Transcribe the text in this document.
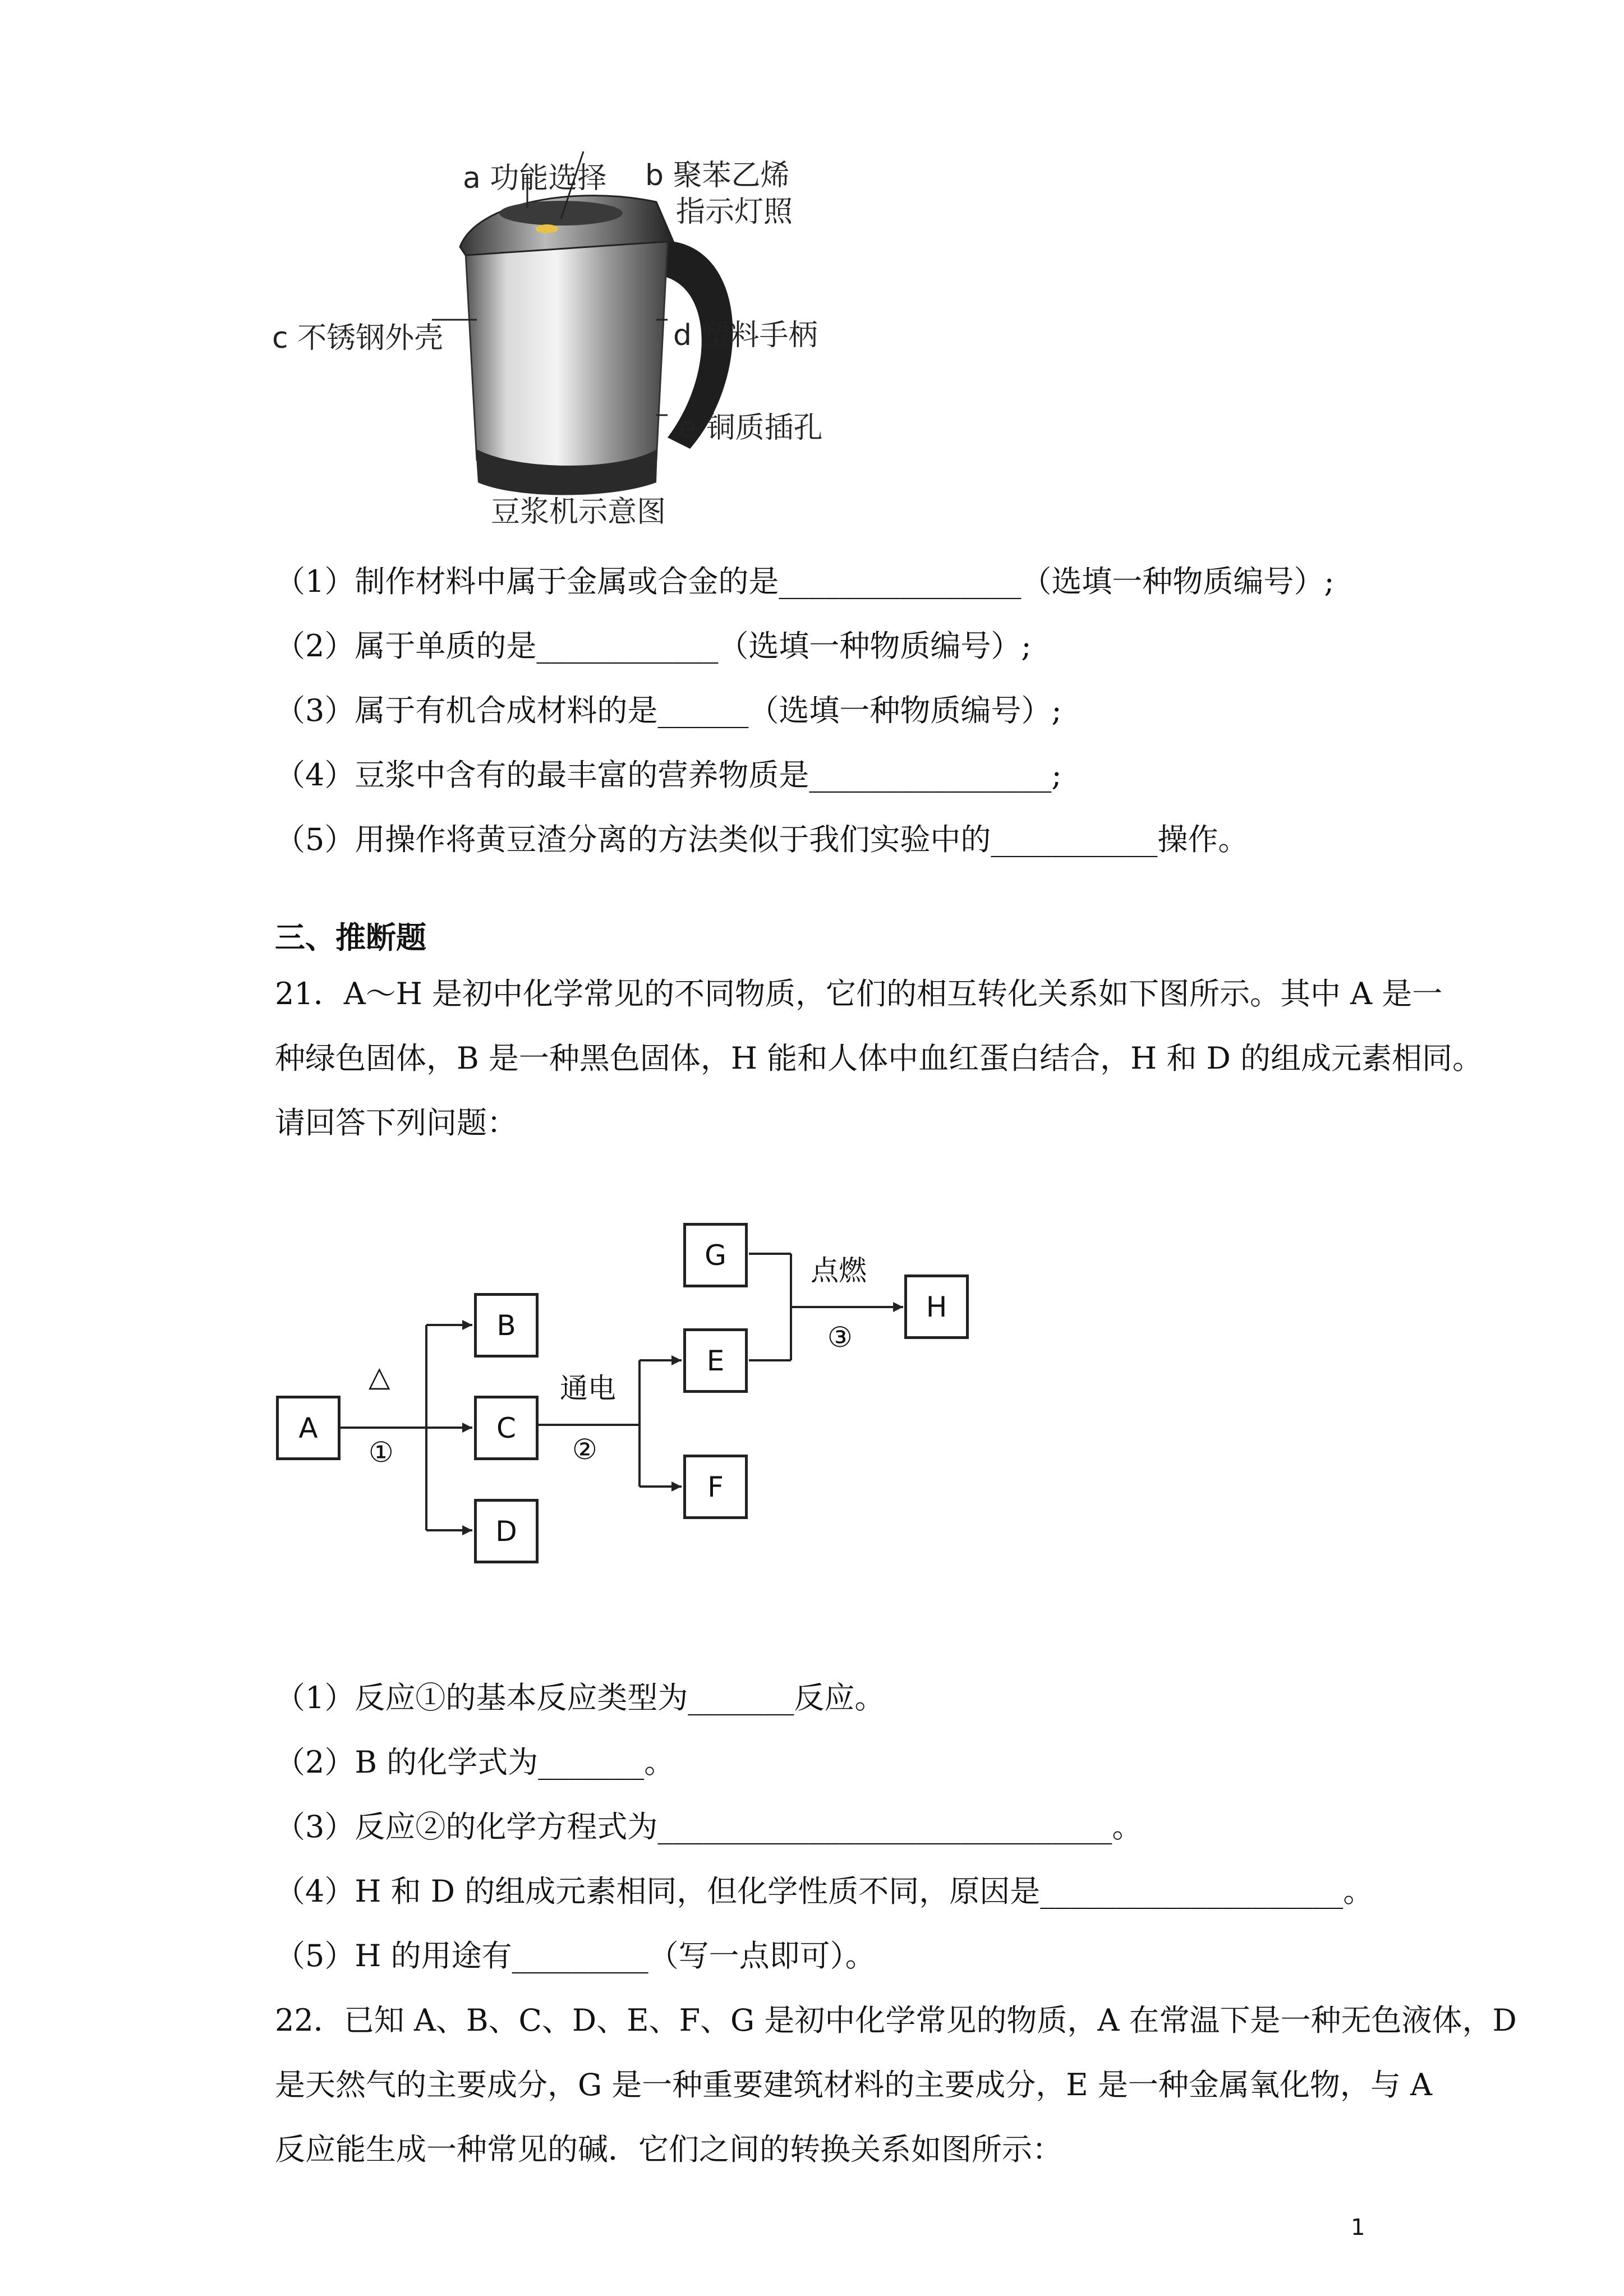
a 功能选择 b 聚苯乙烯
指示灯照
c 不锈钢外壳	d 塑料手柄
e 铜质插孔
豆浆机示意图
（1）制作材料中属于金属或合金的是________________（选填一种物质编号）;
（2）属于单质的是____________（选填一种物质编号）;
（3）属于有机合成材料的是______（选填一种物质编号）;
（4）豆浆中含有的最丰富的营养物质是________________;
（5）用操作将黄豆渣分离的方法类似于我们实验中的___________操作。
三、推断题
21．A～H 是初中化学常见的不同物质，它们的相互转化关系如下图所示。其中 A 是一
种绿色固体，B 是一种黑色固体，H 能和人体中血红蛋白结合，H 和 D 的组成元素相同。
请回答下列问题：
A
B
C
D
E
F
G
H
△
①
通电
②
点燃
③
（1）反应①的基本反应类型为_______反应。
（2）B 的化学式为_______。
（3）反应②的化学方程式为______________________________。
（4）H 和 D 的组成元素相同，但化学性质不同，原因是____________________。
（5）H 的用途有_________（写一点即可）。
22．已知 A、B、C、D、E、F、G 是初中化学常见的物质，A 在常温下是一种无色液体，D
是天然气的主要成分，G 是一种重要建筑材料的主要成分，E 是一种金属氧化物，与 A
反应能生成一种常见的碱．它们之间的转换关系如图所示：
1
